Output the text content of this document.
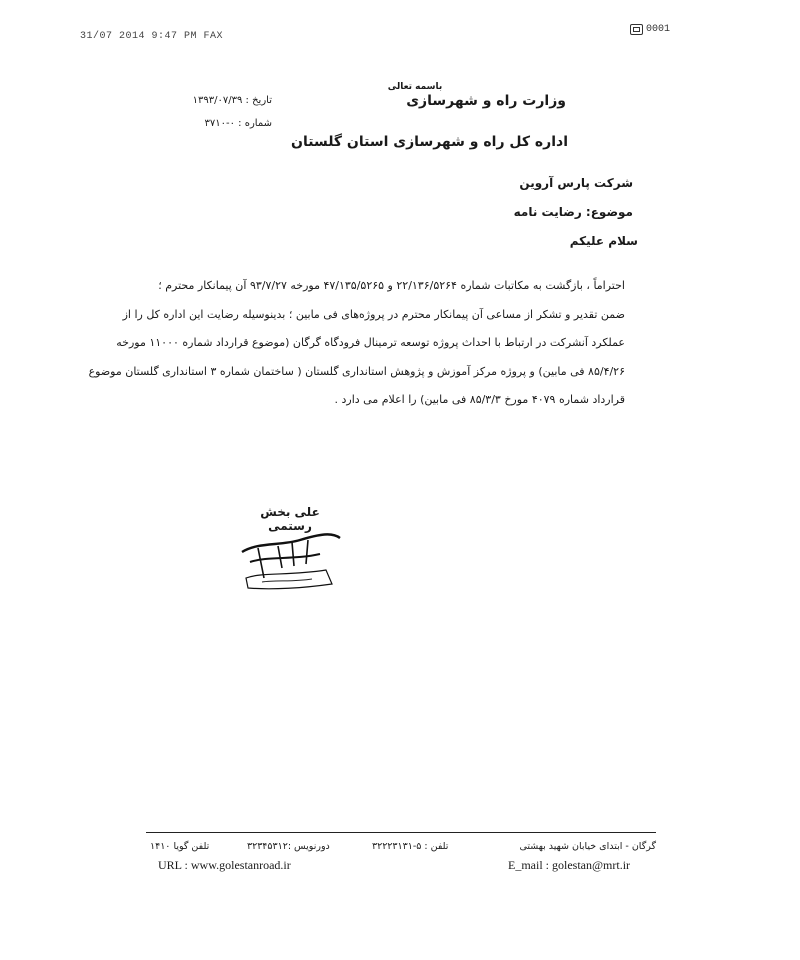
31/07 2014 9:47 PM FAX
0001
باسمه تعالی
تاریخ : ۱۳۹۳/۰۷/۳۹
شماره : ۰-۳۷۱۰
وزارت راه و شهرسازی
اداره کل راه و شهرسازی استان گلستان
شرکت پارس آروین
موضوع: رضایت نامه
سلام علیکم
احتراماً ، بازگشت به مکاتبات شماره ۲۲/۱۳۶/۵۲۶۴ و ۴۷/۱۳۵/۵۲۶۵ مورخه ۹۳/۷/۲۷ آن پیمانکار محترم ؛
ضمن تقدیر و تشکر از مساعی آن پیمانکار محترم در پروژه‌های فی مابین ؛ بدینوسیله رضایت این اداره کل را از
عملکرد آنشرکت در ارتباط با احداث پروژه توسعه ترمینال فرودگاه گرگان (موضوع قرارداد شماره ۱۱۰۰۰ مورخه
۸۵/۴/۲۶ فی مابین) و پروژه مرکز آموزش و پژوهش استانداری گلستان ( ساختمان شماره ۳ استانداری گلستان موضوع
قرارداد شماره ۴۰۷۹ مورخ ۸۵/۳/۳ فی مابین) را اعلام می دارد .
علی بخش رستمی
گرگان - ابتدای خیابان شهید بهشتی
تلفن : ۵-۳۲۲۲۳۱۳۱
دورنویس :۳۲۳۴۵۳۱۲
تلفن گویا ۱۴۱۰
URL : www.golestanroad.ir	E_mail : golestan@mrt.ir
